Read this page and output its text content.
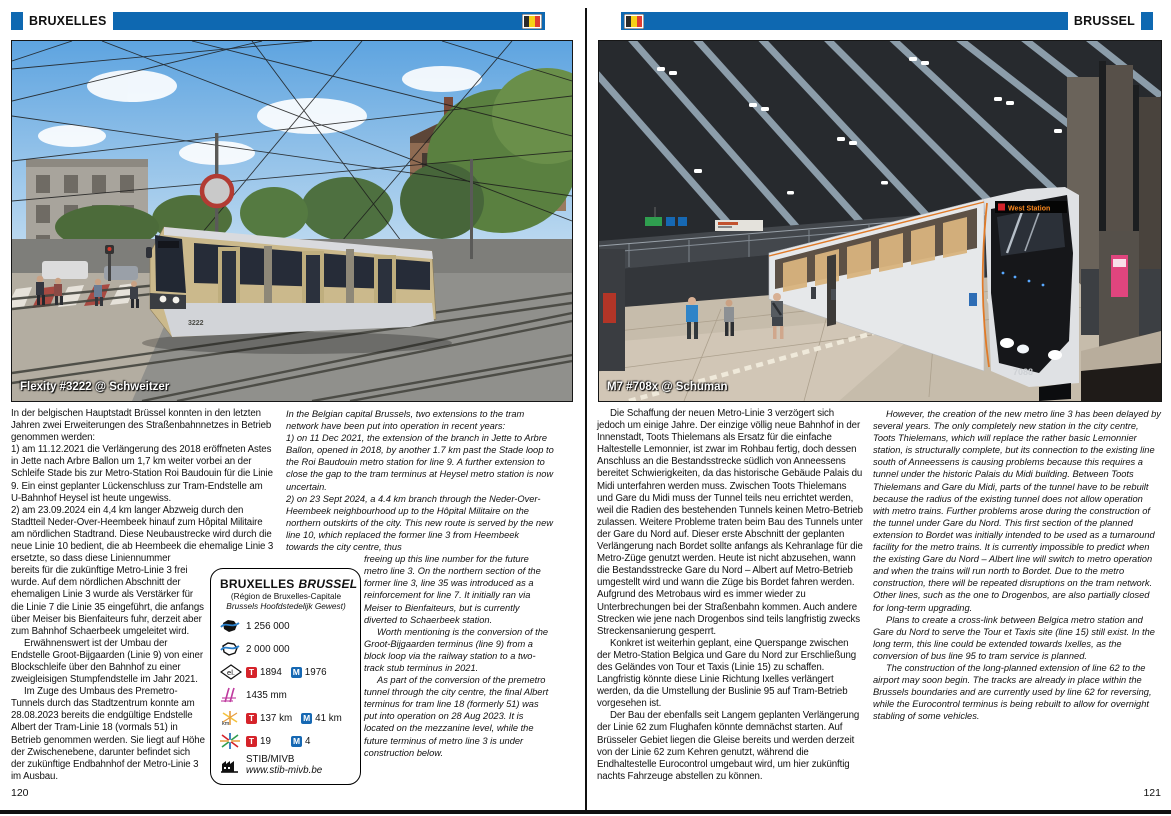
BRUXELLES	BRUSSEL
3222
Flexity #3222 @ Schweitzer
West Station
7088
M7 #708x @ Schuman

In der belgischen Hauptstadt Brüssel konnten in den letzten Jahren zwei Erweiterungen des Straßenbahnnetzes in Betrieb genommen werden:

1) am 11.12.2021 die Verlängerung des 2018 eröffneten Astes in Jette nach Arbre Ballon um 1,7 km weiter vorbei an der Schleife Stade bis zur Metro-Station Roi Baudouin für die Linie 9. Ein einst geplanter Lückenschluss zur Tram-Endstelle am U-Bahnhof Heysel ist heute ungewiss.

2) am 23.09.2024 ein 4,4 km langer Abzweig durch den Stadtteil Neder-Over-Heembeek hinauf zum Hôpital Militaire am nördlichen Stadtrand. Diese Neubaustrecke wird durch die neue Linie 10 bedient, die ab Heembeek die ehemalige Linie 3 ersetzte, so dass diese Liniennummer

bereits für die zukünftige Metro-Linie 3 frei wurde. Auf dem nördlichen Abschnitt der ehemaligen Linie 3 wurde als Verstärker für die Linie 7 die Linie 35 eingeführt, die anfangs über Meiser bis Bienfaiteurs fuhr, derzeit aber zum Bahnhof Schaerbeek umgeleitet wird.

Erwähnenswert ist der Umbau der Endstelle Groot-Bijgaarden (Linie 9) von einer Blockschleife über den Bahnhof zu einer zweigleisigen Stumpfendstelle im Jahr 2021.

Im Zuge des Umbaus des Premetro-Tunnels durch das Stadtzentrum konnte am 28.08.2023 bereits die endgültige Endstelle Albert der Tram-Linie 18 (vormals 51) in Betrieb genommen werden. Sie liegt auf Höhe der Zwischenebene, darunter befindet sich der zukünftige Endbahnhof der Metro-Linie 3 im Ausbau.

In the Belgian capital Brussels, two extensions to the tram network have been put into operation in recent years:

1) on 11 Dec 2021, the extension of the branch in Jette to Arbre Ballon, opened in 2018, by another 1.7 km past the Stade loop to the Roi Baudouin metro station for line 9. A further extension to close the gap to the tram terminus at Heysel metro station is now uncertain.

2) on 23 Sept 2024, a 4.4 km branch through the Neder-Over-Heembeek neighbourhood up to the Hôpital Militaire on the northern outskirts of the city. This new route is served by the new line 10, which replaced the former line 3 from Heembeek towards the city centre, thus

freeing up this line number for the future metro line 3. On the northern section of the former line 3, line 35 was introduced as a reinforcement for line 7. It initially ran via Meiser to Bienfaiteurs, but is currently diverted to Schaerbeek station.

Worth mentioning is the conversion of the Groot-Bijgaarden terminus (line 9) from a block loop via the railway station to a two-track stub terminus in 2021.

As part of the conversion of the premetro tunnel through the city centre, the final Albert terminus for tram line 18 (formerly 51) was put into operation on 28 Aug 2023. It is located on the mezzanine level, while the future terminus of metro line 3 is under construction below.

BRUXELLES BRUSSEL
(Région de Bruxelles-Capitale
Brussels Hoofdstedelijk Gewest)
1 256 000
2 000 000
el.	T 1894 M 1976
1435 mm
km
T 137 km M 41 km
T 19	M 4
STIB/MIVB
www.stib-mivb.be

Die Schaffung der neuen Metro-Linie 3 verzögert sich jedoch um einige Jahre. Der einzige völlig neue Bahnhof in der Innenstadt, Toots Thielemans als Ersatz für die einfache Haltestelle Lemonnier, ist zwar im Rohbau fertig, doch dessen Anschluss an die Bestandsstrecke südlich von Anneessens bereitet Schwierigkeiten, da das historische Gebäude Palais du Midi unterfahren werden muss. Zwischen Toots Thielemans und Gare du Midi muss der Tunnel teils neu errichtet werden, weil die Radien des bestehenden Tunnels keinen Metro-Betrieb zulassen. Weitere Probleme traten beim Bau des Tunnels unter der Gare du Nord auf. Dieser erste Abschnitt der geplanten Verlängerung nach Bordet sollte anfangs als Kehranlage für die Metro-Züge genutzt werden. Heute ist nicht abzusehen, wann die Bestandsstrecke Gare du Nord – Albert auf Metro-Betrieb umgestellt wird und wann die Züge bis Bordet fahren werden. Aufgrund des Metrobaus wird es immer wieder zu Unterbrechungen bei der Straßenbahn kommen. Auch andere Strecken wie jene nach Drogenbos sind teils langfristig zwecks Streckensanierung gesperrt.

Konkret ist weiterhin geplant, eine Querspange zwischen der Metro-Station Belgica und Gare du Nord zur Erschließung des Geländes von Tour et Taxis (Linie 15) zu schaffen. Langfristig könnte diese Linie Richtung Ixelles verlängert werden, da die Umstellung der Buslinie 95 auf Tram-Betrieb vorgesehen ist.

Der Bau der ebenfalls seit Langem geplanten Verlängerung der Linie 62 zum Flughafen könnte demnächst starten. Auf Brüsseler Gebiet liegen die Gleise bereits und werden derzeit von der Linie 62 zum Kehren genutzt, während die Endhaltestelle Eurocontrol umgebaut wird, um hier zukünftig nachts Fahrzeuge abstellen zu können.

However, the creation of the new metro line 3 has been delayed by several years. The only completely new station in the city centre, Toots Thielemans, which will replace the rather basic Lemonnier station, is structurally complete, but its connection to the existing line south of Anneessens is causing problems because this requires a tunnel under the historic Palais du Midi building. Between Toots Thielemans and Gare du Midi, parts of the tunnel have to be rebuilt because the radius of the existing tunnel does not allow operation with metro trains. Further problems arose during the construction of the tunnel under Gare du Nord. This first section of the planned extension to Bordet was initially intended to be used as a turnaround facility for the metro trains. It is currently impossible to predict when the existing Gare du Nord – Albert line will switch to metro operation and when the trains will run north to Bordet. Due to the metro construction, there will be repeated disruptions on the tram network. Other lines, such as the one to Drogenbos, are also partially closed for long-term upgrading.

Plans to create a cross-link between Belgica metro station and Gare du Nord to serve the Tour et Taxis site (line 15) still exist. In the long term, this line could be extended towards Ixelles, as the conversion of bus line 95 to tram service is planned.

The construction of the long-planned extension of line 62 to the airport may soon begin. The tracks are already in place within the Brussels boundaries and are currently used by line 62 for reversing, while the Eurocontrol terminus is being rebuilt to allow for overnight stabling of some vehicles.

120	121
